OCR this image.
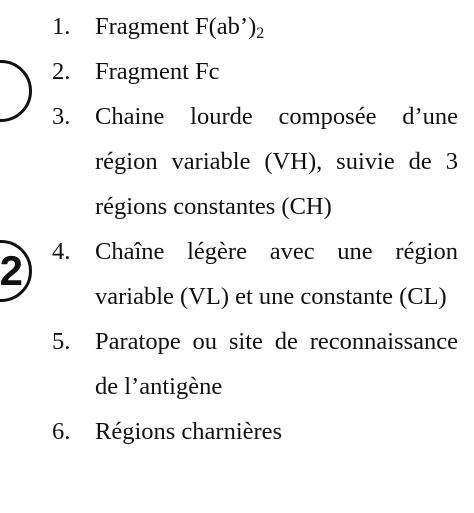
2
1. Fragment $F(ab’)_2$
2. Fragment Fc
3. Chaine lourde composée d’une région variable (VH), suivie de 3 régions constantes (CH)
4. Chaîne légère avec une région variable (VL) et une constante (CL)
5. Paratope ou site de reconnaissance de l’antigène
6. Régions charnières
